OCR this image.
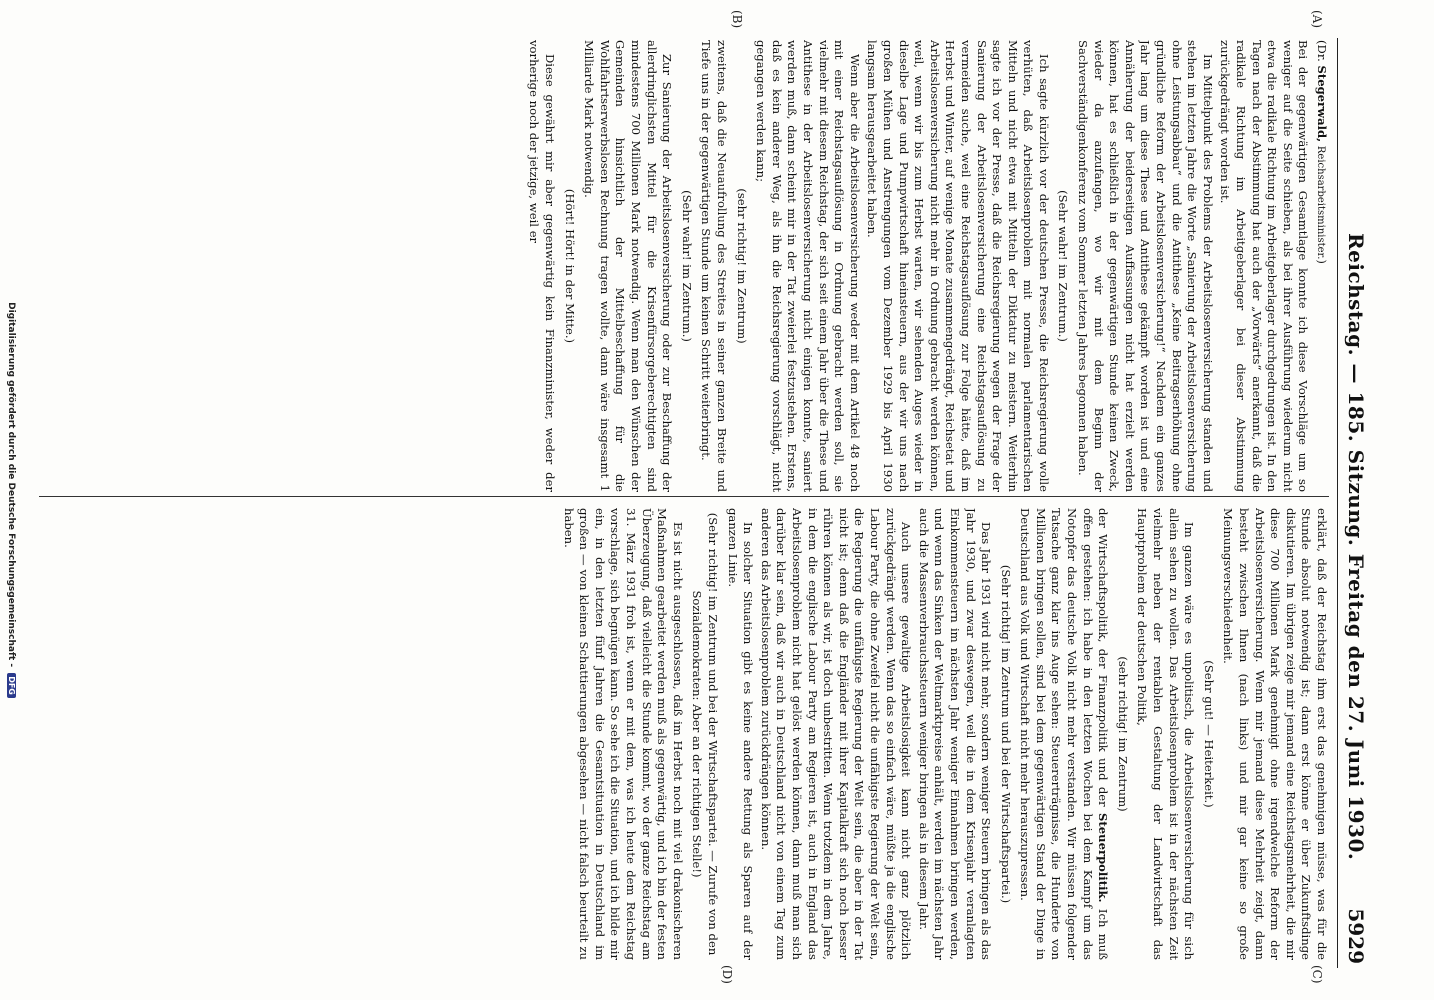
Reichstag. — 185. Sitzung. Freitag den 27. Juni 1930.
5929
(A)
(B)
(C)
(D)

(Dr. Stegerwald, Reichsarbeitsminister.)

Bei der gegenwärtigen Gesamtlage konnte ich diese Vorschläge um so weniger auf die Seite schieben, als bei ihrer Ausführung wiederum nicht etwa die radikale Richtung im Arbeitgeberlager durchgedrungen ist. In den Tagen nach der Abstimmung hat auch der „Vorwärts“ anerkannt, daß die radikale Richtung im Arbeitgeberlager bei dieser Abstimmung zurückgedrängt worden ist.

Im Mittelpunkt des Problems der Arbeitslosenversicherung standen und stehen im letzten Jahre die Worte „Sanierung der Arbeitslosenversicherung ohne Leistungsabbau“ und die Antithese „Keine Beitragserhöhung ohne gründliche Reform der Arbeitslosenversicherung!“ Nachdem ein ganzes Jahr lang um diese These und Antithese gekämpft worden ist und eine Annäherung der beiderseitigen Auffassungen nicht hat erzielt werden können, hat es schließlich in der gegenwärtigen Stunde keinen Zweck, wieder da anzufangen, wo wir mit dem Beginn der Sachverständigenkonferenz vom Sommer letzten Jahres begonnen haben.

(Sehr wahr! im Zentrum.)

Ich sagte kürzlich vor der deutschen Presse, die Reichsregierung wolle verhüten, daß Arbeitslosenproblem mit normalen parlamentarischen Mitteln und nicht etwa mit Mitteln der Diktatur zu meistern. Weiterhin sagte ich vor der Presse, daß die Reichsregierung wegen der Frage der Sanierung der Arbeitslosenversicherung eine Reichstagsauflösung zu vermeiden suche, weil eine Reichstagsauflösung zur Folge hätte, daß im Herbst und Winter, auf wenige Monate zusammengedrängt, Reichsetat und Arbeitslosenversicherung nicht mehr in Ordnung gebracht werden können, weil, wenn wir bis zum Herbst warten, wir sehenden Auges wieder in dieselbe Lage und Pumpwirtschaft hineinsteuern, aus der wir uns nach großen Mühen und Anstrengungen vom Dezember 1929 bis April 1930 langsam herausgearbeitet haben.

Wenn aber die Arbeitslosenversicherung weder mit dem Artikel 48 noch mit einer Reichstagsauflösung in Ordnung gebracht werden soll, sie vielmehr mit diesem Reichstag, der sich seit einem Jahr über die These und Antithese in der Arbeitslosenversicherung nicht einigen konnte, saniert werden muß, dann scheint mir in der Tat zweierlei festzustehen. Erstens, daß es kein anderer Weg, als ihn die Reichsregierung vorschlägt, nicht gegangen werden kann;

(sehr richtig! im Zentrum)

zweitens, daß die Neuaufrollung des Streites in seiner ganzen Breite und Tiefe uns in der gegenwärtigen Stunde um keinen Schritt weiterbringt.

(Sehr wahr! im Zentrum.)

Zur Sanierung der Arbeitslosenversicherung oder zur Beschaffung der allerdringlichsten Mittel für die Krisenfürsorgeberechtigten sind mindestens 700 Millionen Mark notwendig. Wenn man den Wünschen der Gemeinden hinsichtlich der Mittelbeschaffung für die Wohlfahrtserwerbslosen Rechnung tragen wollte, dann wäre insgesamt 1 Milliarde Mark notwendig.

(Hört! Hört! in der Mitte.)

Diese gewährt mir aber gegenwärtig kein Finanzminister, weder der vorherige noch der jetzige, weil er

erklärt, daß der Reichstag ihm erst das genehmigen müsse, was für die Stunde absolut notwendig ist; dann erst könne er über Zukunftsdinge diskutieren. Im übrigen zeige mir jemand eine Reichstagsmehrheit, die mir diese 700 Millionen Mark genehmigt ohne irgendwelche Reform der Arbeitslosenversicherung. Wenn mir jemand diese Mehrheit zeigt, dann besteht zwischen Ihnen (nach links) und mir gar keine so große Meinungsverschiedenheit.

(Sehr gut! — Heiterkeit.)

Im ganzen wäre es unpolitisch, die Arbeitslosenversicherung für sich allein sehen zu wollen. Das Arbeitslosenproblem ist in der nächsten Zeit vielmehr neben der rentablen Gestaltung der Landwirtschaft das Hauptproblem der deutschen Politik,

(sehr richtig! im Zentrum)

der Wirtschaftspolitik, der Finanzpolitik und der Steuerpolitik. Ich muß offen gestehen: ich habe in den letzten Wochen bei dem Kampf um das Notopfer das deutsche Volk nicht mehr verstanden. Wir müssen folgender Tatsache ganz klar ins Auge sehen: Steuererträgnisse, die Hunderte von Millionen bringen sollen, sind bei dem gegenwärtigen Stand der Dinge in Deutschland aus Volk und Wirtschaft nicht mehr herauszupressen.

(Sehr richtig! im Zentrum und bei der Wirtschaftspartei.)

Das Jahr 1931 wird nicht mehr, sondern weniger Steuern bringen als das Jahr 1930, und zwar deswegen, weil die in dem Krisenjahr veranlagten Einkommensteuern im nächsten Jahr weniger Einnahmen bringen werden, und wenn das Sinken der Weltmarktpreise anhält, werden im nächsten Jahr auch die Massenverbrauchssteuern weniger bringen als in diesem Jahr.

Auch unsere gewaltige Arbeitslosigkeit kann nicht ganz plötzlich zurückgedrängt werden. Wenn das so einfach wäre, müßte ja die englische Labour Party, die ohne Zweifel nicht die unfähigste Regierung der Welt sein, die Regierung die unfähigste Regierung der Welt sein, die aber in der Tat nicht ist; denn daß die Engländer mit ihrer Kapitalkraft sich noch besser rühren können als wir, ist doch unbestritten. Wenn trotzdem in dem Jahre, in dem die englische Labour Party am Regieren ist, auch in England das Arbeitslosenproblem nicht hat gelöst werden können, dann muß man sich darüber klar sein, daß wir auch in Deutschland nicht von einem Tag zum anderen das Arbeitslosenproblem zurückdrängen können.

In solcher Situation gibt es keine andere Rettung als Sparen auf der ganzen Linie.

(Sehr richtig! im Zentrum und bei der Wirtschaftspartei. — Zurufe von den Sozialdemokraten: Aber an der richtigen Stelle!)

Es ist nicht ausgeschlossen, daß im Herbst noch mit viel drakonischeren Maßnahmen gearbeitet werden muß als gegenwärtig, und ich bin der festen Überzeugung, daß vielleicht die Stunde kommt, wo der ganze Reichstag am 31. März 1931 froh ist, wenn er mit dem, was ich heute dem Reichstag vorschlage, sich begnügen kann. So sehe ich die Situation, und ich bilde mir ein, in den letzten fünf Jahren die Gesamtsituation in Deutschland im großen — von kleinen Schattierungen abgesehen — nicht falsch beurteilt zu haben.

Digitalisierung gefördert durch die Deutsche Forschungsgemeinschaft - DFG
